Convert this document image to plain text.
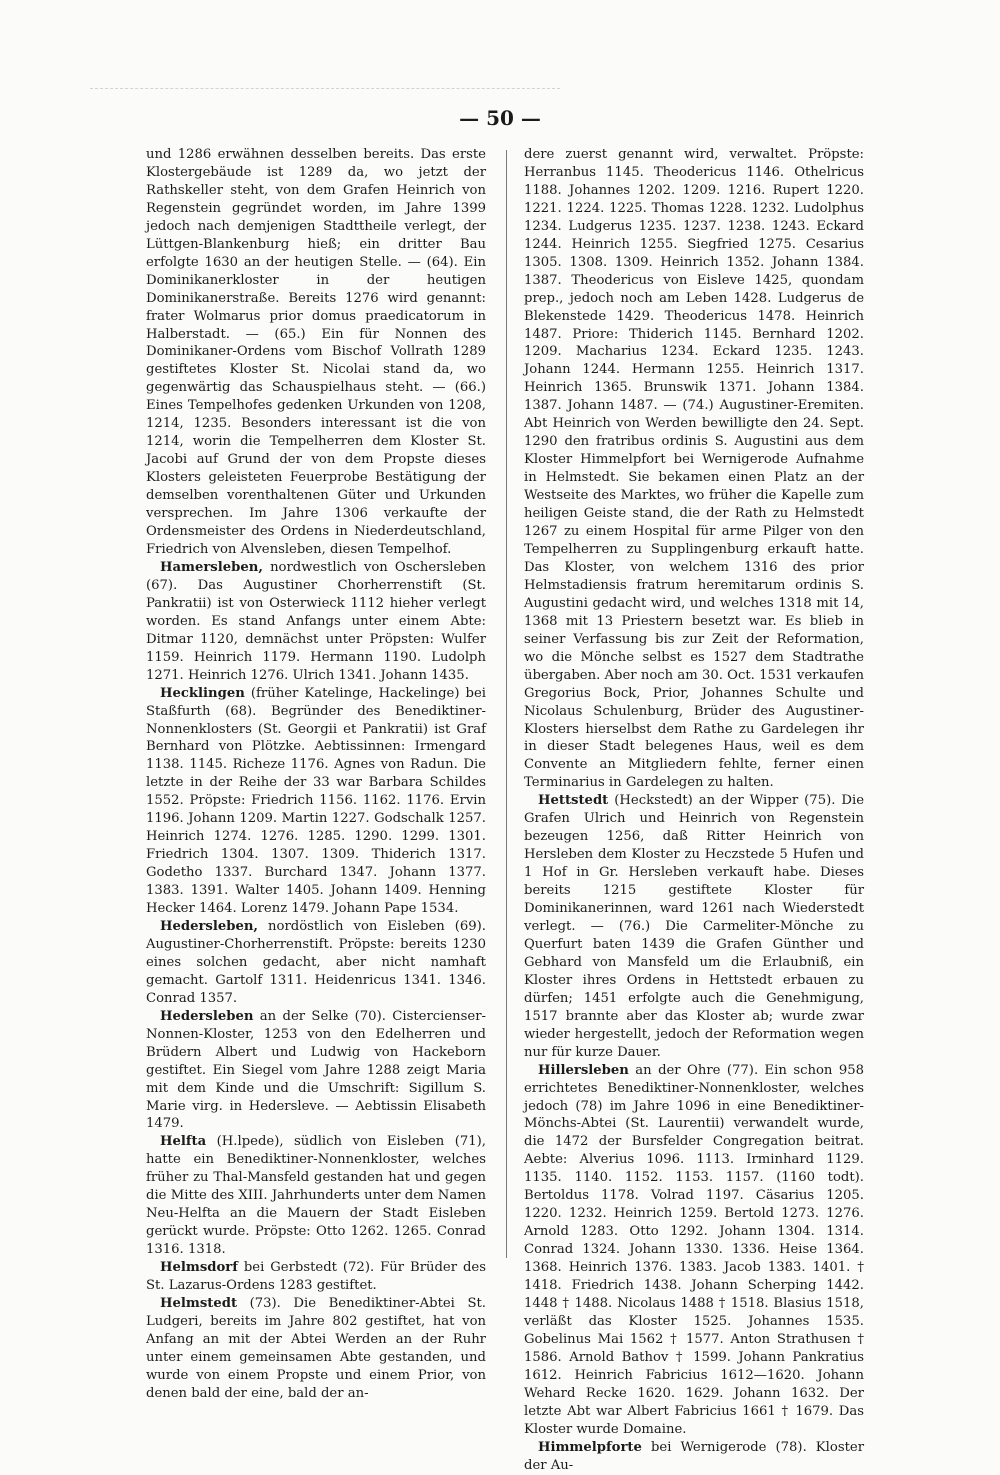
— 50 —

und 1286 erwähnen desselben bereits. Das erste Klostergebäude ist 1289 da, wo jetzt der Rathskeller steht, von dem Grafen Heinrich von Regenstein gegründet worden, im Jahre 1399 jedoch nach demjenigen Stadttheile verlegt, der Lüttgen-Blankenburg hieß; ein dritter Bau erfolgte 1630 an der heutigen Stelle. — (64). Ein Dominikanerkloster in der heutigen Dominikanerstraße. Bereits 1276 wird genannt: frater Wolmarus prior domus praedicatorum in Halberstadt. — (65.) Ein für Nonnen des Dominikaner-Ordens vom Bischof Vollrath 1289 gestiftetes Kloster St. Nicolai stand da, wo gegenwärtig das Schauspielhaus steht. — (66.) Eines Tempelhofes gedenken Urkunden von 1208, 1214, 1235. Besonders interessant ist die von 1214, worin die Tempelherren dem Kloster St. Jacobi auf Grund der von dem Propste dieses Klosters geleisteten Feuerprobe Bestätigung der demselben vorenthaltenen Güter und Urkunden versprechen. Im Jahre 1306 verkaufte der Ordensmeister des Ordens in Niederdeutschland, Friedrich von Alvensleben, diesen Tempelhof.

Hamersleben, nordwestlich von Oschersleben (67). Das Augustiner Chorherrenstift (St. Pankratii) ist von Osterwieck 1112 hieher verlegt worden. Es stand Anfangs unter einem Abte: Ditmar 1120, demnächst unter Pröpsten: Wulfer 1159. Heinrich 1179. Hermann 1190. Ludolph 1271. Heinrich 1276. Ulrich 1341. Johann 1435.

Hecklingen (früher Katelinge, Hackelinge) bei Staßfurth (68). Begründer des Benediktiner-Nonnenklosters (St. Georgii et Pankratii) ist Graf Bernhard von Plötzke. Aebtissinnen: Irmengard 1138. 1145. Richeze 1176. Agnes von Radun. Die letzte in der Reihe der 33 war Barbara Schildes 1552. Pröpste: Friedrich 1156. 1162. 1176. Ervin 1196. Johann 1209. Martin 1227. Godschalk 1257. Heinrich 1274. 1276. 1285. 1290. 1299. 1301. Friedrich 1304. 1307. 1309. Thiderich 1317. Godetho 1337. Burchard 1347. Johann 1377. 1383. 1391. Walter 1405. Johann 1409. Henning Hecker 1464. Lorenz 1479. Johann Pape 1534.

Hedersleben, nordöstlich von Eisleben (69). Augustiner-Chorherrenstift. Pröpste: bereits 1230 eines solchen gedacht, aber nicht namhaft gemacht. Gartolf 1311. Heidenricus 1341. 1346. Conrad 1357.

Hedersleben an der Selke (70). Cistercienser-Nonnen-Kloster, 1253 von den Edelherren und Brüdern Albert und Ludwig von Hackeborn gestiftet. Ein Siegel vom Jahre 1288 zeigt Maria mit dem Kinde und die Umschrift: Sigillum S. Marie virg. in Hedersleve. — Aebtissin Elisabeth 1479.

Helfta (H.lpede), südlich von Eisleben (71), hatte ein Benediktiner-Nonnenkloster, welches früher zu Thal-Mansfeld gestanden hat und gegen die Mitte des XIII. Jahrhunderts unter dem Namen Neu-Helfta an die Mauern der Stadt Eisleben gerückt wurde. Pröpste: Otto 1262. 1265. Conrad 1316. 1318.

Helmsdorf bei Gerbstedt (72). Für Brüder des St. Lazarus-Ordens 1283 gestiftet.

Helmstedt (73). Die Benediktiner-Abtei St. Ludgeri, bereits im Jahre 802 gestiftet, hat von Anfang an mit der Abtei Werden an der Ruhr unter einem gemeinsamen Abte gestanden, und wurde von einem Propste und einem Prior, von denen bald der eine, bald der an-

dere zuerst genannt wird, verwaltet. Pröpste: Herranbus 1145. Theodericus 1146. Othelricus 1188. Johannes 1202. 1209. 1216. Rupert 1220. 1221. 1224. 1225. Thomas 1228. 1232. Ludolphus 1234. Ludgerus 1235. 1237. 1238. 1243. Eckard 1244. Heinrich 1255. Siegfried 1275. Cesarius 1305. 1308. 1309. Heinrich 1352. Johann 1384. 1387. Theodericus von Eisleve 1425, quondam prep., jedoch noch am Leben 1428. Ludgerus de Blekenstede 1429. Theodericus 1478. Heinrich 1487. Priore: Thiderich 1145. Bernhard 1202. 1209. Macharius 1234. Eckard 1235. 1243. Johann 1244. Hermann 1255. Heinrich 1317. Heinrich 1365. Brunswik 1371. Johann 1384. 1387. Johann 1487. — (74.) Augustiner-Eremiten. Abt Heinrich von Werden bewilligte den 24. Sept. 1290 den fratribus ordinis S. Augustini aus dem Kloster Himmelpfort bei Wernigerode Aufnahme in Helmstedt. Sie bekamen einen Platz an der Westseite des Marktes, wo früher die Kapelle zum heiligen Geiste stand, die der Rath zu Helmstedt 1267 zu einem Hospital für arme Pilger von den Tempelherren zu Supplingenburg erkauft hatte. Das Kloster, von welchem 1316 des prior Helmstadiensis fratrum heremitarum ordinis S. Augustini gedacht wird, und welches 1318 mit 14, 1368 mit 13 Priestern besetzt war. Es blieb in seiner Verfassung bis zur Zeit der Reformation, wo die Mönche selbst es 1527 dem Stadtrathe übergaben. Aber noch am 30. Oct. 1531 verkaufen Gregorius Bock, Prior, Johannes Schulte und Nicolaus Schulenburg, Brüder des Augustiner-Klosters hierselbst dem Rathe zu Gardelegen ihr in dieser Stadt belegenes Haus, weil es dem Convente an Mitgliedern fehlte, ferner einen Terminarius in Gardelegen zu halten.

Hettstedt (Heckstedt) an der Wipper (75). Die Grafen Ulrich und Heinrich von Regenstein bezeugen 1256, daß Ritter Heinrich von Hersleben dem Kloster zu Heczstede 5 Hufen und 1 Hof in Gr. Hersleben verkauft habe. Dieses bereits 1215 gestiftete Kloster für Dominikanerinnen, ward 1261 nach Wiederstedt verlegt. — (76.) Die Carmeliter-Mönche zu Querfurt baten 1439 die Grafen Günther und Gebhard von Mansfeld um die Erlaubniß, ein Kloster ihres Ordens in Hettstedt erbauen zu dürfen; 1451 erfolgte auch die Genehmigung, 1517 brannte aber das Kloster ab; wurde zwar wieder hergestellt, jedoch der Reformation wegen nur für kurze Dauer.

Hillersleben an der Ohre (77). Ein schon 958 errichtetes Benediktiner-Nonnenkloster, welches jedoch (78) im Jahre 1096 in eine Benediktiner-Mönchs-Abtei (St. Laurentii) verwandelt wurde, die 1472 der Bursfelder Congregation beitrat. Aebte: Alverius 1096. 1113. Irminhard 1129. 1135. 1140. 1152. 1153. 1157. (1160 todt). Bertoldus 1178. Volrad 1197. Cäsarius 1205. 1220. 1232. Heinrich 1259. Bertold 1273. 1276. Arnold 1283. Otto 1292. Johann 1304. 1314. Conrad 1324. Johann 1330. 1336. Heise 1364. 1368. Heinrich 1376. 1383. Jacob 1383. 1401. † 1418. Friedrich 1438. Johann Scherping 1442. 1448 † 1488. Nicolaus 1488 † 1518. Blasius 1518, verläßt das Kloster 1525. Johannes 1535. Gobelinus Mai 1562 † 1577. Anton Strathusen † 1586. Arnold Bathov † 1599. Johann Pankratius 1612. Heinrich Fabricius 1612—1620. Johann Wehard Recke 1620. 1629. Johann 1632. Der letzte Abt war Albert Fabricius 1661 † 1679. Das Kloster wurde Domaine.

Himmelpforte bei Wernigerode (78). Kloster der Au-
